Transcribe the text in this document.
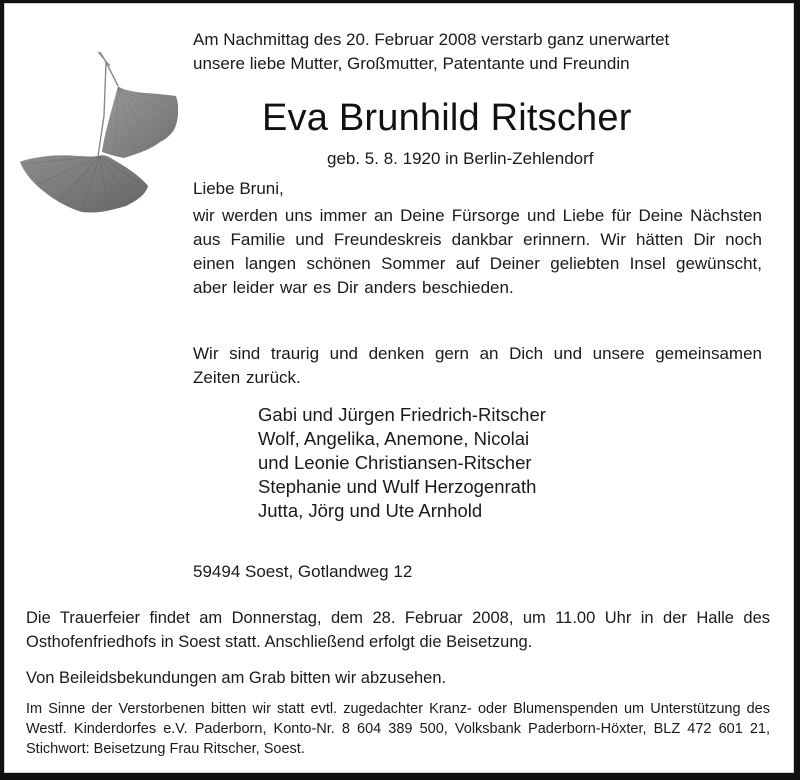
Am Nachmittag des 20. Februar 2008 verstarb ganz unerwartet
unsere liebe Mutter, Großmutter, Patentante und Freundin
Eva Brunhild Ritscher
geb. 5. 8. 1920 in Berlin-Zehlendorf
Liebe Bruni,
wir werden uns immer an Deine Fürsorge und Liebe für Deine Nächsten aus Familie und Freundeskreis dankbar erinnern. Wir hätten Dir noch einen langen schönen Sommer auf Deiner geliebten Insel gewünscht, aber leider war es Dir anders beschieden.
Wir sind traurig und denken gern an Dich und unsere gemeinsamen Zeiten zurück.
Gabi und Jürgen Friedrich-Ritscher
Wolf, Angelika, Anemone, Nicolai
und Leonie Christiansen-Ritscher
Stephanie und Wulf Herzogenrath
Jutta, Jörg und Ute Arnhold
59494 Soest, Gotlandweg 12
Die Trauerfeier findet am Donnerstag, dem 28. Februar 2008, um 11.00 Uhr in der Halle des Osthofenfriedhofs in Soest statt. Anschließend erfolgt die Beisetzung.
Von Beileidsbekundungen am Grab bitten wir abzusehen.
Im Sinne der Verstorbenen bitten wir statt evtl. zugedachter Kranz- oder Blumenspenden um Unterstützung des Westf. Kinderdorfes e.V. Paderborn, Konto-Nr. 8 604 389 500, Volksbank Paderborn-Höxter, BLZ 472 601 21, Stichwort: Beisetzung Frau Ritscher, Soest.
